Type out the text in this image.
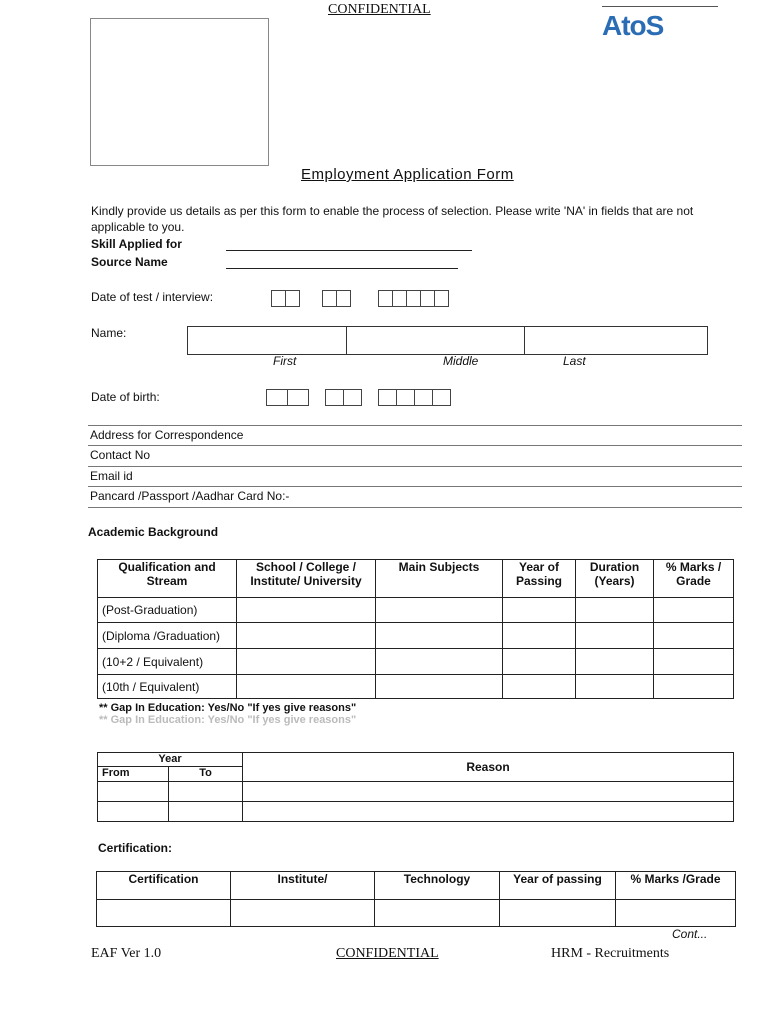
CONFIDENTIAL
AtoS
Employment Application Form
Kindly provide us details as per this form to enable the process of selection. Please write 'NA' in fields that are not applicable to you.
Skill Applied for
Source Name
Date of test / interview:
Name:
First	Middle	Last
Date of birth:
Address for Correspondence
Contact No
Email id
Pancard /Passport /Aadhar Card No:-
Academic Background
Qualification and Stream	School / College / Institute/ University	Main Subjects	Year of Passing	Duration (Years)	% Marks / Grade
(Post-Graduation)					
(Diploma /Graduation)					
(10+2 / Equivalent)					
(10th / Equivalent)					
** Gap In Education: Yes/No "If yes give reasons"
** Gap In Education: Yes/No "If yes give reasons"
Year		Reason
From	To	

Certification:
Certification	Institute/	Technology	Year of passing	% Marks /Grade

Cont...
EAF Ver 1.0	CONFIDENTIAL	HRM - Recruitments
